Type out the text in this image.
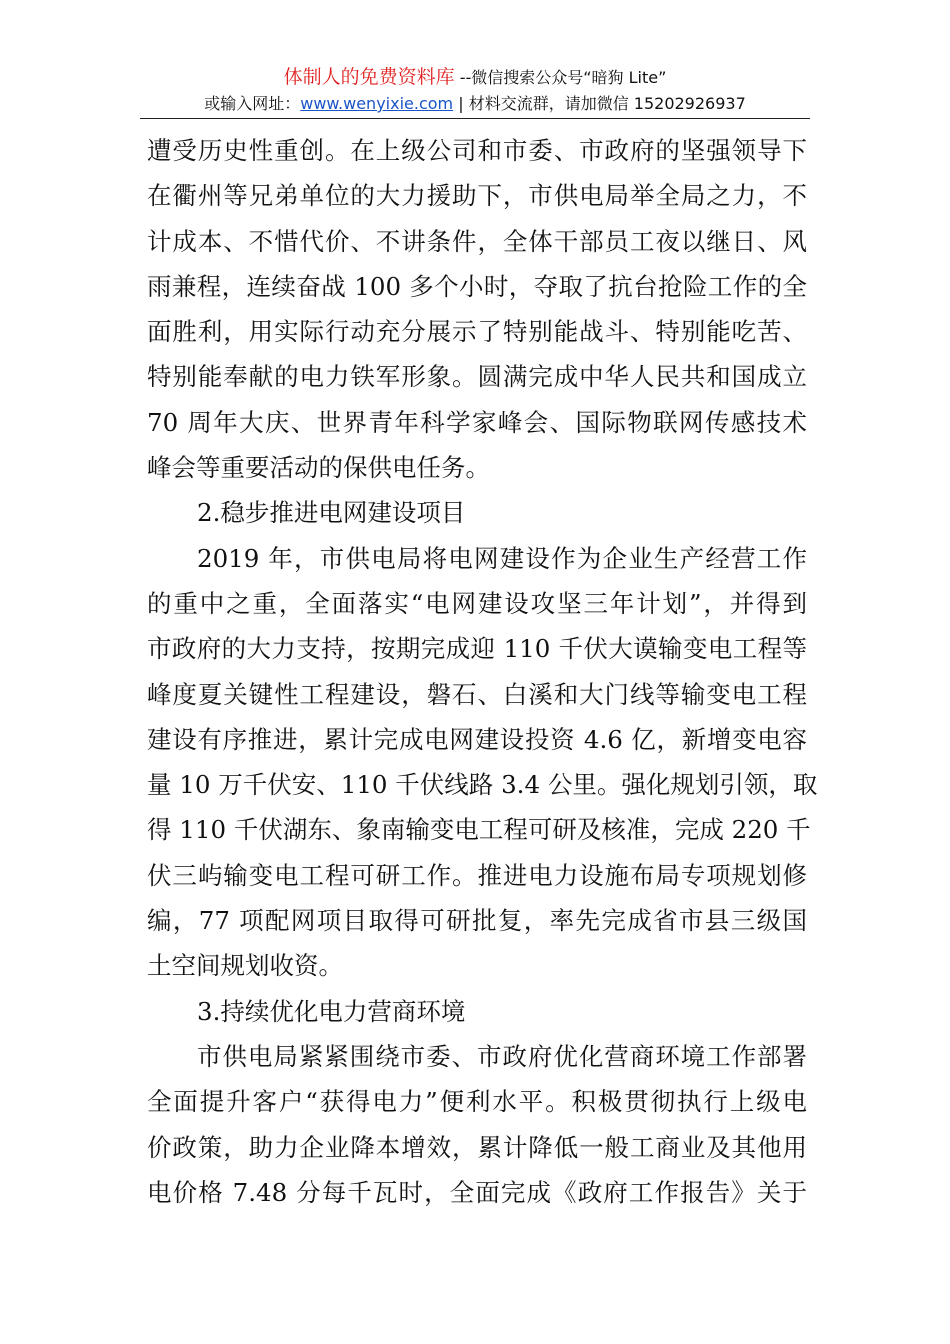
体制人的免费资料库 --微信搜索公众号“暗狗 Lite”
或输入网址：www.wenyixie.com | 材料交流群，请加微信 15202926937
遭受历史性重创。在上级公司和市委、市政府的坚强领导下
在衢州等兄弟单位的大力援助下，市供电局举全局之力，不
计成本、不惜代价、不讲条件，全体干部员工夜以继日、风
雨兼程，连续奋战 100 多个小时，夺取了抗台抢险工作的全
面胜利，用实际行动充分展示了特别能战斗、特别能吃苦、
特别能奉献的电力铁军形象。圆满完成中华人民共和国成立
70 周年大庆、世界青年科学家峰会、国际物联网传感技术
峰会等重要活动的保供电任务。
2.稳步推进电网建设项目
2019 年，市供电局将电网建设作为企业生产经营工作
的重中之重，全面落实“电网建设攻坚三年计划”，并得到
市政府的大力支持，按期完成迎 110 千伏大谟输变电工程等
峰度夏关键性工程建设，磐石、白溪和大门线等输变电工程
建设有序推进，累计完成电网建设投资 4.6 亿，新增变电容
量 10 万千伏安、110 千伏线路 3.4 公里。强化规划引领，取
得 110 千伏湖东、象南输变电工程可研及核准，完成 220 千
伏三屿输变电工程可研工作。推进电力设施布局专项规划修
编，77 项配网项目取得可研批复，率先完成省市县三级国
土空间规划收资。
3.持续优化电力营商环境
市供电局紧紧围绕市委、市政府优化营商环境工作部署
全面提升客户“获得电力”便利水平。积极贯彻执行上级电
价政策，助力企业降本增效，累计降低一般工商业及其他用
电价格 7.48 分每千瓦时，全面完成《政府工作报告》关于
